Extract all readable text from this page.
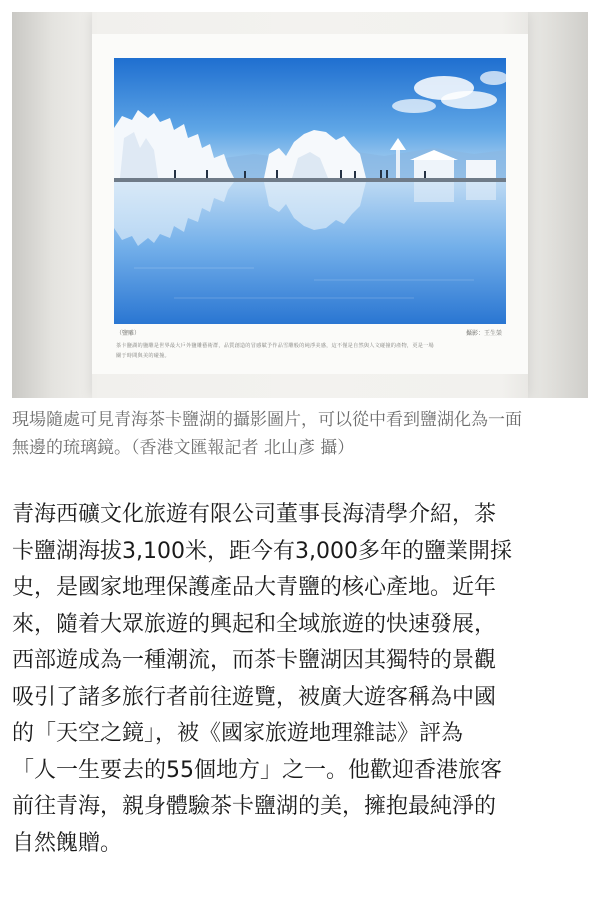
（鹽雕）	攝影：王生榮
茶卡鹽湖的鹽雕是世界最大戶外鹽雕藝術群，品質創造的冒感賦予作品雪雕般的純淨美感，這不僅是自然與人文碰撞的產物，更是一場
關于時間與美的碰撞。
現場隨處可見青海茶卡鹽湖的攝影圖片，可以從中看到鹽湖化為一面
無邊的琉璃鏡。（香港文匯報記者 北山彥 攝）
青海西礦文化旅遊有限公司董事長海清學介紹，茶
卡鹽湖海拔3,100米，距今有3,000多年的鹽業開採
史，是國家地理保護產品大青鹽的核心產地。近年
來，隨着大眾旅遊的興起和全域旅遊的快速發展，
西部遊成為一種潮流，而茶卡鹽湖因其獨特的景觀
吸引了諸多旅行者前往遊覽，被廣大遊客稱為中國
的「天空之鏡」，被《國家旅遊地理雜誌》評為
「人一生要去的55個地方」之一。他歡迎香港旅客
前往青海，親身體驗茶卡鹽湖的美，擁抱最純淨的
自然餽贈。
